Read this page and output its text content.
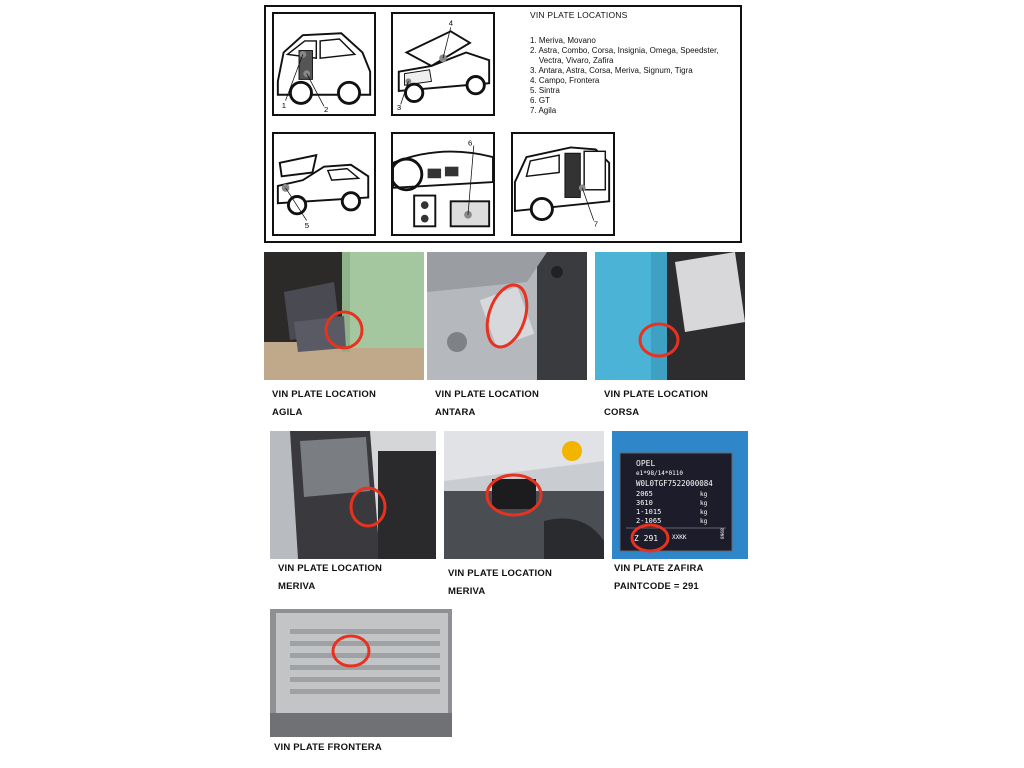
1	2
4
3
VIN PLATE LOCATIONS
1. Meriva, Movano
2. Astra, Combo, Corsa, Insignia, Omega, Speedster,
Vectra, Vivaro, Zafira
3. Antara, Astra, Corsa, Meriva, Signum, Tigra
4. Campo, Frontera
5. Sintra
6. GT
7. Agila
5
6
7
VIN PLATE LOCATION
AGILA
VIN PLATE LOCATION
ANTARA
VIN PLATE LOCATION
CORSA
OPEL
e1*98/14*0110
W0L0TGF7522000084
2065
3610
1-1015
2-1065
kg
kg
kg
kg
Z 291 XXKK	8968
VIN PLATE LOCATION
MERIVA
VIN PLATE LOCATION
MERIVA
VIN PLATE ZAFIRA
PAINTCODE = 291
VIN PLATE FRONTERA
